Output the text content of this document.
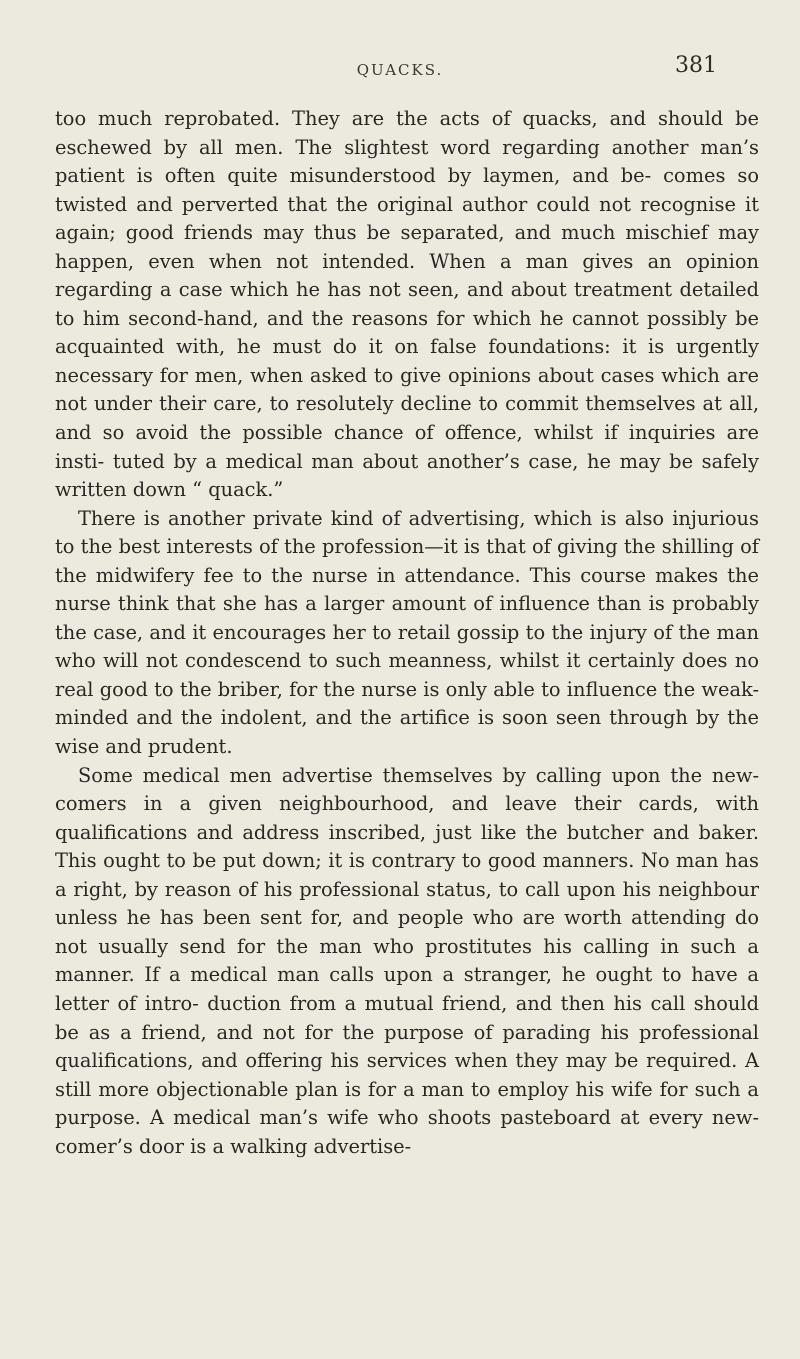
QUACKS.	381

too much reprobated. They are the acts of quacks, and should be eschewed by all men. The slightest word regarding another man’s patient is often quite misunderstood by laymen, and be- comes so twisted and perverted that the original author could not recognise it again; good friends may thus be separated, and much mischief may happen, even when not intended. When a man gives an opinion regarding a case which he has not seen, and about treatment detailed to him second-hand, and the reasons for which he cannot possibly be acquainted with, he must do it on false foundations: it is urgently necessary for men, when asked to give opinions about cases which are not under their care, to resolutely decline to commit themselves at all, and so avoid the possible chance of offence, whilst if inquiries are insti- tuted by a medical man about another’s case, he may be safely written down “ quack.”

There is another private kind of advertising, which is also injurious to the best interests of the profession—it is that of giving the shilling of the midwifery fee to the nurse in attendance. This course makes the nurse think that she has a larger amount of influence than is probably the case, and it encourages her to retail gossip to the injury of the man who will not condescend to such meanness, whilst it certainly does no real good to the briber, for the nurse is only able to influence the weak-minded and the indolent, and the artifice is soon seen through by the wise and prudent.

Some medical men advertise themselves by calling upon the new-comers in a given neighbourhood, and leave their cards, with qualifications and address inscribed, just like the butcher and baker. This ought to be put down; it is contrary to good manners. No man has a right, by reason of his professional status, to call upon his neighbour unless he has been sent for, and people who are worth attending do not usually send for the man who prostitutes his calling in such a manner. If a medical man calls upon a stranger, he ought to have a letter of intro- duction from a mutual friend, and then his call should be as a friend, and not for the purpose of parading his professional qualifications, and offering his services when they may be required. A still more objectionable plan is for a man to employ his wife for such a purpose. A medical man’s wife who shoots pasteboard at every new-comer’s door is a walking advertise-
